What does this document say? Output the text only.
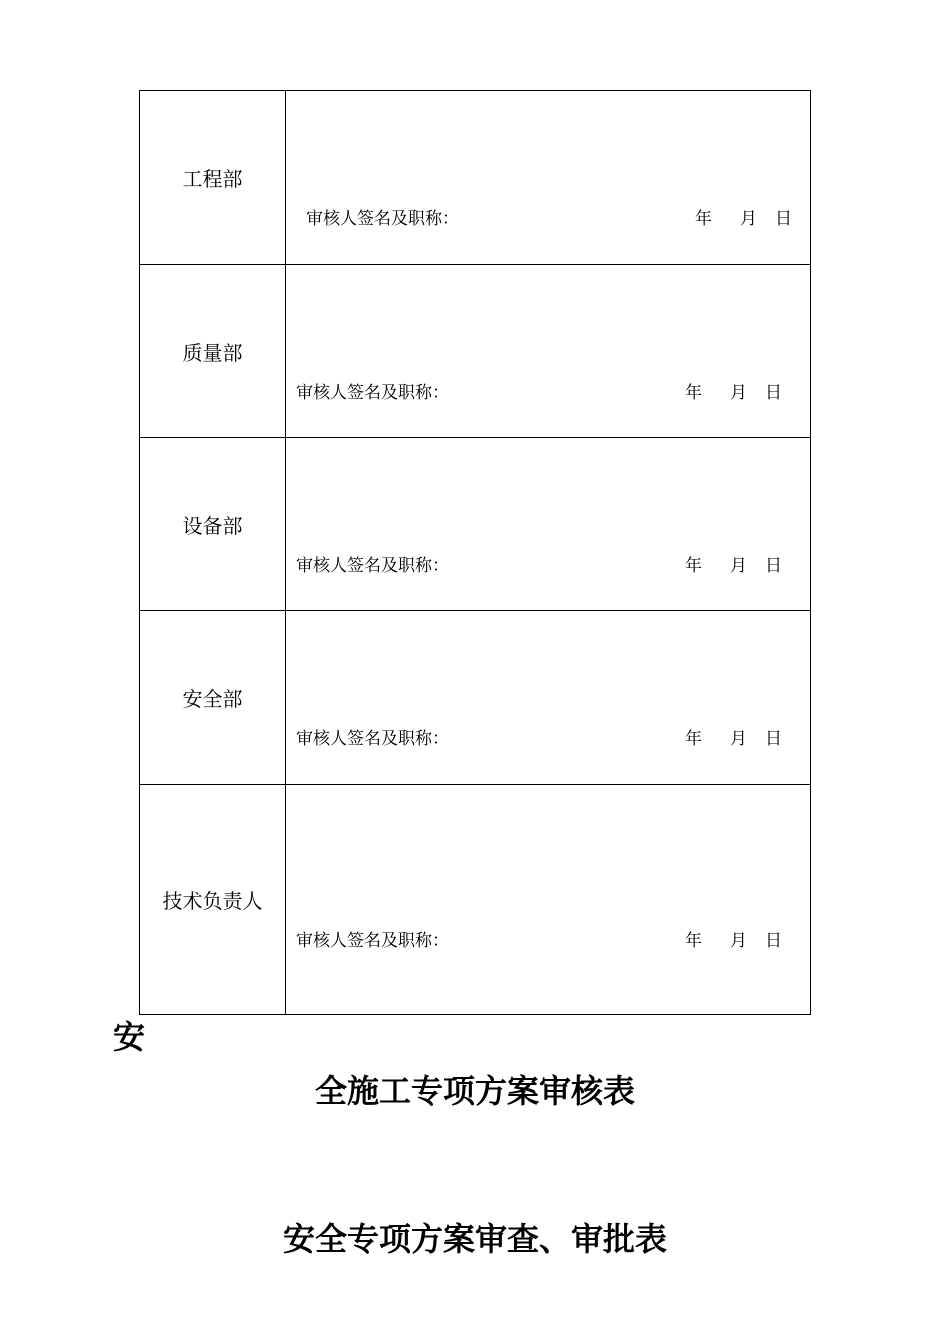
工程部	审核人签名及职称： 年 月 日

质量部	审核人签名及职称： 年 月 日

设备部	审核人签名及职称： 年 月 日

安全部	审核人签名及职称： 年 月 日

技术负责人	审核人签名及职称： 年 月 日
安
全施工专项方案审核表
安全专项方案审查、审批表
